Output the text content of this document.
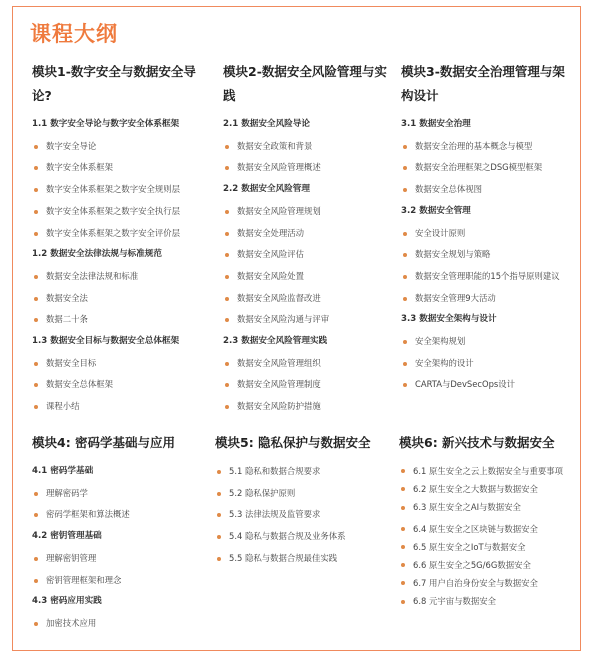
课程大纲
模块1-数字安全与数据安全导论?
1.1 数字安全导论与数字安全体系框架
数字安全导论
数字安全体系框架
数字安全体系框架之数字安全规则层
数字安全体系框架之数字安全执行层
数字安全体系框架之数字安全评价层
1.2 数据安全法律法规与标准规范
数据安全法律法规和标准
数据安全法
数据二十条
1.3 数据安全目标与数据安全总体框架
数据安全目标
数据安全总体框架
课程小结
模块2-数据安全风险管理与实践
2.1 数据安全风险导论
数据安全政策和背景
数据安全风险管理概述
2.2 数据安全风险管理
数据安全风险管理规划
数据安全处理活动
数据安全风险评估
数据安全风险处置
数据安全风险监督改进
数据安全风险沟通与评审
2.3 数据安全风险管理实践
数据安全风险管理组织
数据安全风险管理制度
数据安全风险防护措施
模块3-数据安全治理管理与架构设计
3.1 数据安全治理
数据安全治理的基本概念与模型
数据安全治理框架之DSG模型框架
数据安全总体视图
3.2 数据安全管理
安全设计原则
数据安全规划与策略
数据安全管理职能的15个指导原则建议
数据安全管理9大活动
3.3 数据安全架构与设计
安全架构规划
安全架构的设计
CARTA与DevSecOps设计
模块4: 密码学基础与应用
4.1 密码学基础
理解密码学
密码学框架和算法概述
4.2 密钥管理基础
理解密钥管理
密钥管理框架和理念
4.3 密码应用实践
加密技术应用
模块5: 隐私保护与数据安全
5.1 隐私和数据合规要求
5.2 隐私保护原则
5.3 法律法规及监管要求
5.4 隐私与数据合规及业务体系
5.5 隐私与数据合规最佳实践
模块6: 新兴技术与数据安全
6.1 原生安全之云上数据安全与重要事项
6.2 原生安全之大数据与数据安全
6.3 原生安全之AI与数据安全
6.4 原生安全之区块链与数据安全
6.5 原生安全之IoT与数据安全
6.6 原生安全之5G/6G数据安全
6.7 用户自治身份安全与数据安全
6.8 元宇宙与数据安全
